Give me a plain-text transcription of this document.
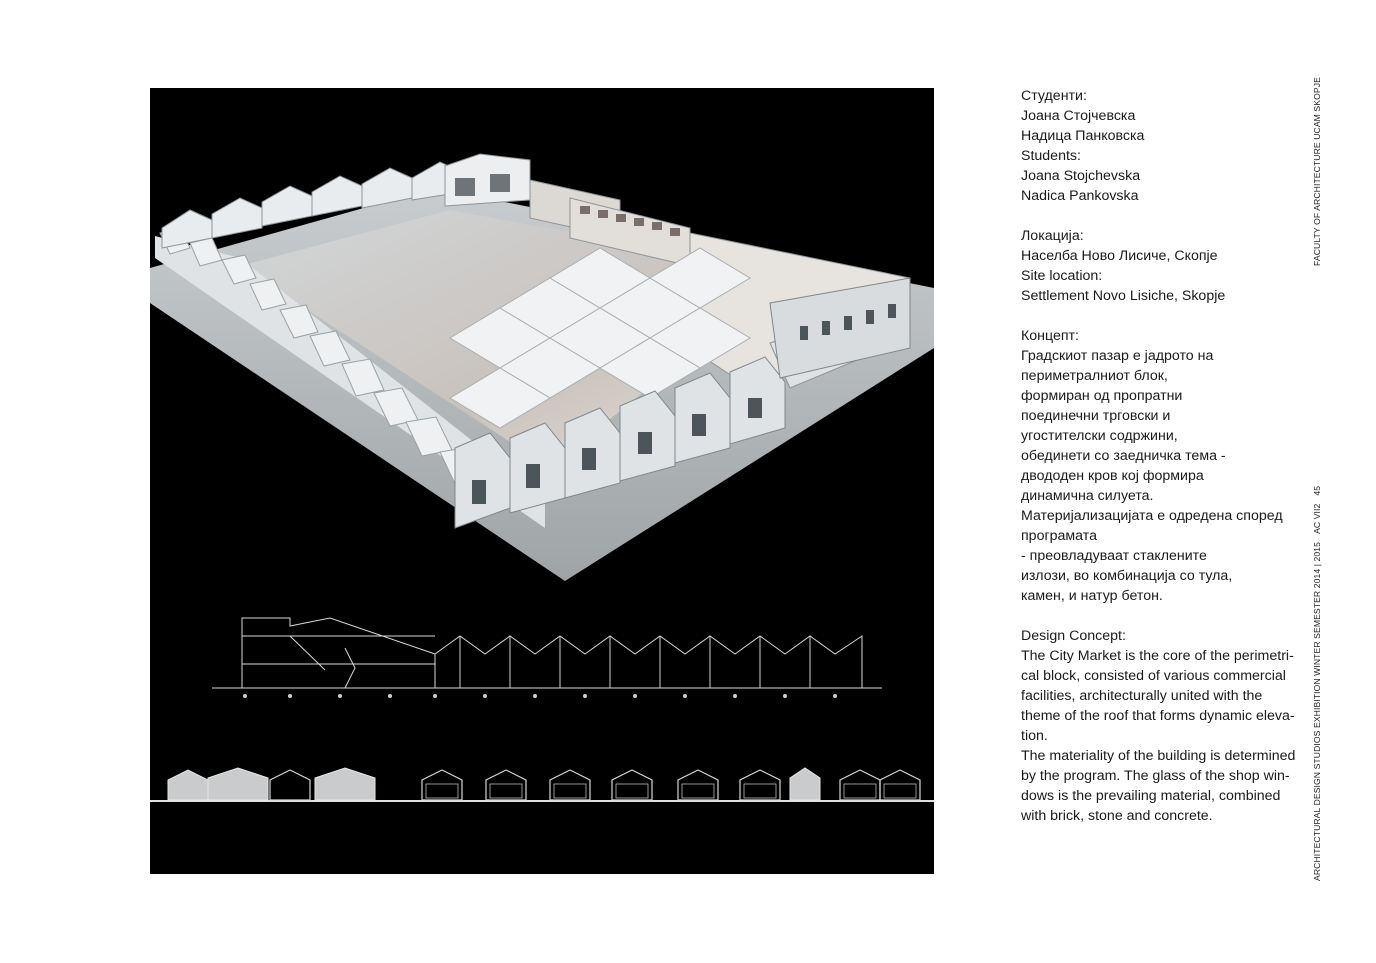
Студенти:

Јоана Стојчевска

Надица Панковска

Students:

Joana Stojchevska

Nadica Pankovska

Локација:

Населба Ново Лисиче, Скопје

Site location:

Settlement Novo Lisiche, Skopje

Концепт:

Градскиот пазар е јадрото на

периметралниот блок,

формиран од пропратни

поединечни трговски и

угостителски содржини,

обединети со заедничка тема -

двододен кров кој формира

динамична силуета.

Материјализацијата е одредена според

програмата

- преовладуваат стаклените

излози, во комбинација со тула,

камен, и натур бетон.

Design Concept:

The City Market is the core of the perimetri-

cal block, consisted of various commercial

facilities, architecturally united with the

theme of the roof that forms dynamic eleva-

tion.

The materiality of the building is determined

by the program. The glass of the shop win-

dows is the prevailing material, combined

with brick, stone and concrete.

FACULTY OF ARCHITECTURE UCAM SKOPJE
ARCHITECTURAL DESIGN STUDIOS EXHIBITION WINTER SEMESTER 2014 | 2015AC VII245
